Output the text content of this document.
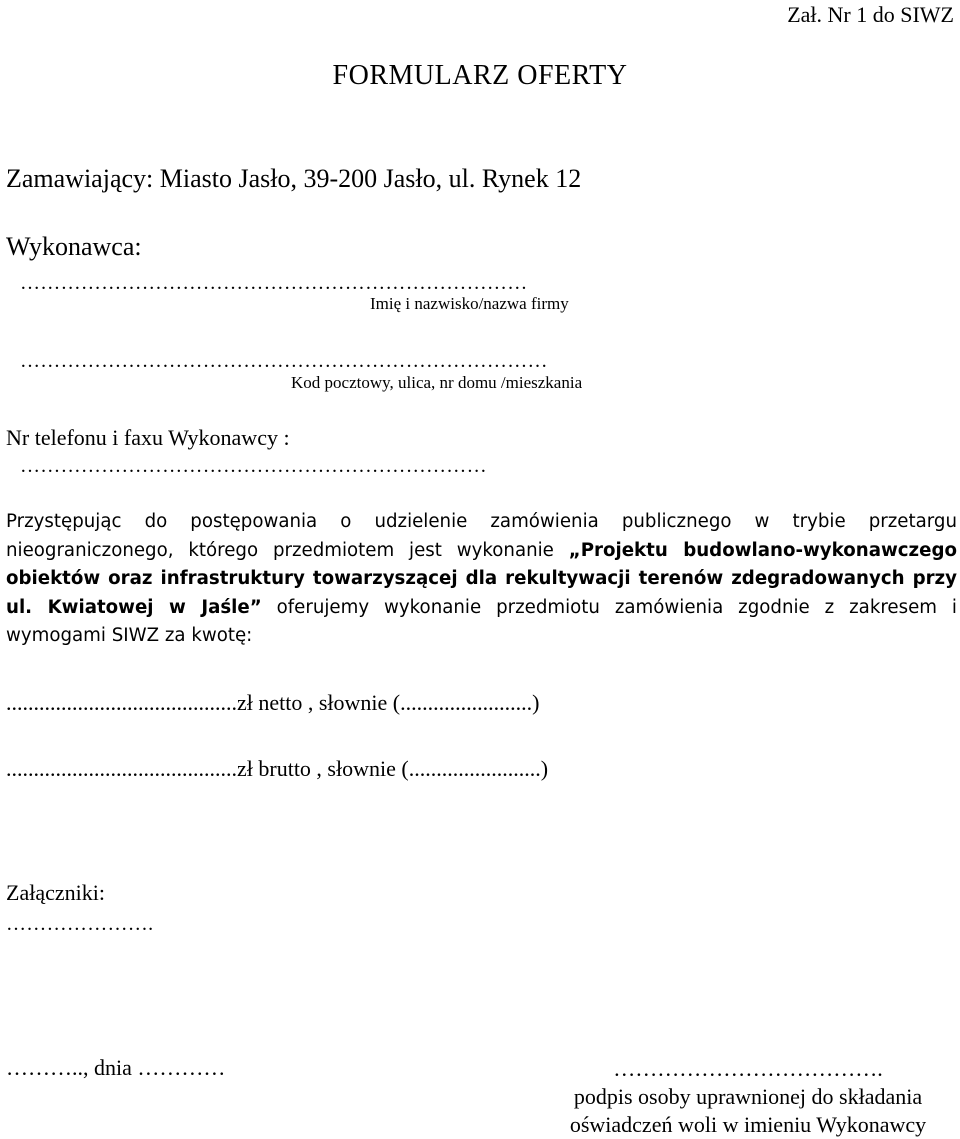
Zał. Nr 1 do SIWZ
FORMULARZ OFERTY
Zamawiający: Miasto Jasło, 39-200 Jasło, ul. Rynek 12
Wykonawca:
…………………………………………………………………
Imię i nazwisko/nazwa firmy
……………………………………………………………………
Kod pocztowy, ulica, nr domu /mieszkania
Nr telefonu i faxu Wykonawcy :
……………………………………………………………
Przystępując do postępowania o udzielenie zamówienia publicznego w trybie przetargu nieograniczonego, którego przedmiotem jest wykonanie „Projektu budowlano-wykonawczego obiektów oraz infrastruktury towarzyszącej dla rekultywacji terenów zdegradowanych przy ul. Kwiatowej w Jaśle” oferujemy wykonanie przedmiotu zamówienia zgodnie z zakresem i wymogami SIWZ za kwotę:
..........................................zł netto , słownie (........................)
..........................................zł brutto , słownie (........................)
Załączniki:
………………….
……….., dnia …………	……………………………….
podpis osoby uprawnionej do składania
oświadczeń woli w imieniu Wykonawcy
